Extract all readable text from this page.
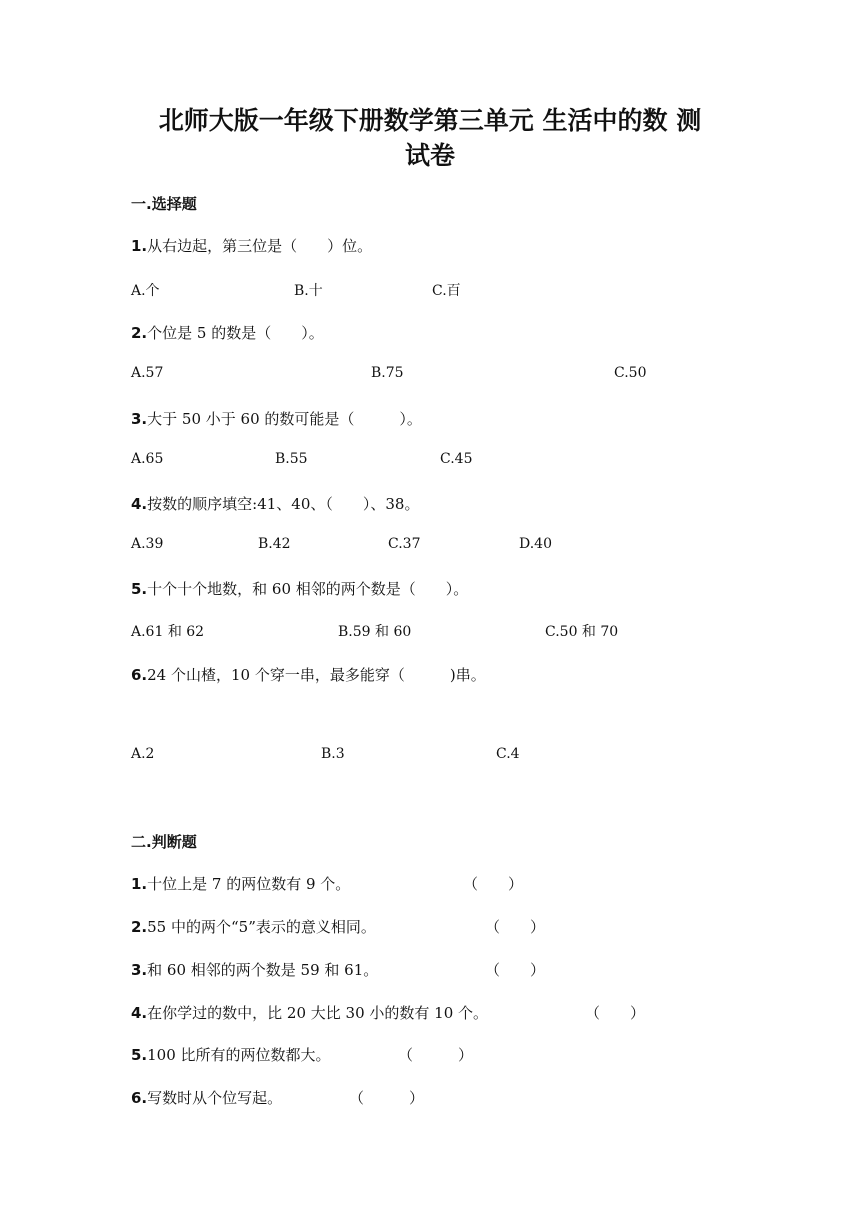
北师大版一年级下册数学第三单元 生活中的数 测
试卷
一.选择题
1.从右边起，第三位是（　　）位。
A.个	B.十	C.百
2.个位是 5 的数是（　　）。
A.57	B.75	C.50
3.大于 50 小于 60 的数可能是（　　　）。
A.65	B.55	C.45
4.按数的顺序填空:41、40、（　　）、38。
A.39	B.42	C.37	D.40
5.十个十个地数，和 60 相邻的两个数是（　　）。
A.61 和 62	B.59 和 60	C.50 和 70
6.24 个山楂，10 个穿一串，最多能穿（　　　)串。
A.2	B.3	C.4
二.判断题
1.十位上是 7 的两位数有 9 个。	（　　）
2.55 中的两个“5”表示的意义相同。	（　　）
3.和 60 相邻的两个数是 59 和 61。	（　　）
4.在你学过的数中，比 20 大比 30 小的数有 10 个。	（　　）
5.100 比所有的两位数都大。	（　　　）
6.写数时从个位写起。	（　　　）
